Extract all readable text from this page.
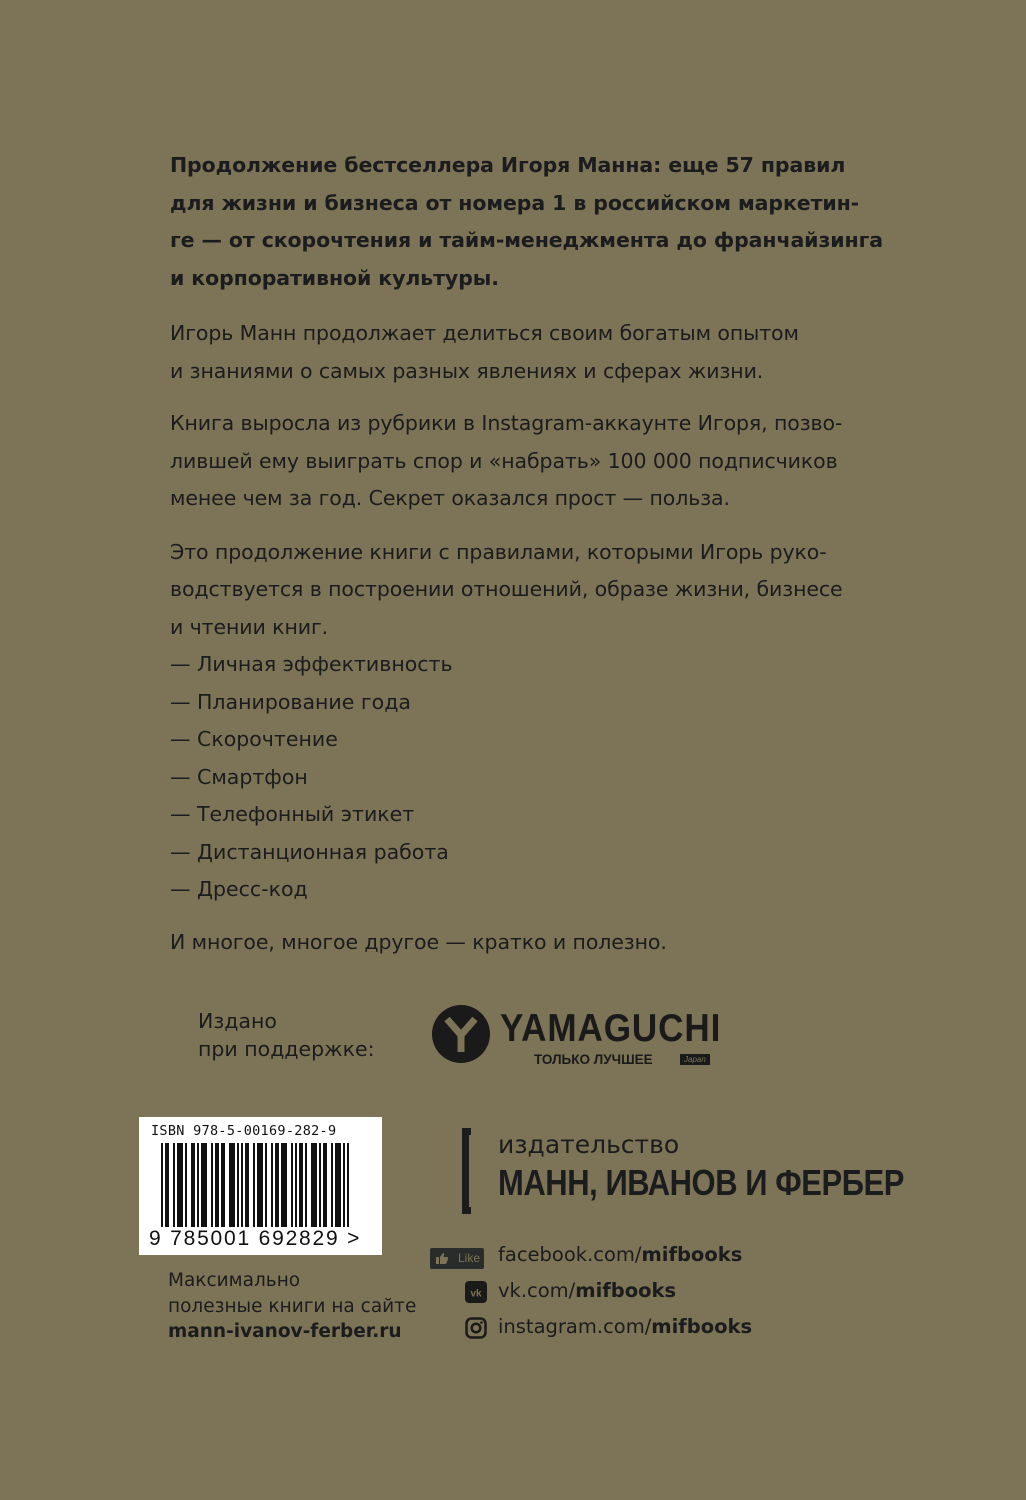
Продолжение бестселлера Игоря Манна: еще 57 правил
для жизни и бизнеса от номера 1 в российском маркетин-
ге — от скорочтения и тайм-менеджмента до франчайзинга
и корпоративной культуры.

Игорь Манн продолжает делиться своим богатым опытом
и знаниями о самых разных явлениях и сферах жизни.

Книга выросла из рубрики в Instagram-аккаунте Игоря, позво-
лившей ему выиграть спор и «набрать» 100 000 подписчиков
менее чем за год. Секрет оказался прост — польза.

Это продолжение книги с правилами, которыми Игорь руко-
водствуется в построении отношений, образе жизни, бизнесе
и чтении книг.

— Личная эффективность
— Планирование года
— Скорочтение
— Смартфон
— Телефонный этикет
— Дистанционная работа
— Дресс-код

И многое, многое другое — кратко и полезно.

Издано
при поддержке:	YAMAGUCHI
ТОЛЬКО ЛУЧШЕЕ	Japan
ISBN 978-5-00169-282-9
9 785001 692829 >
Максимально
полезные книги на сайте
mann-ivanov-ferber.ru
издательство
МАНН, ИВАНОВ И ФЕРБЕР
Like facebook.com/mifbooks
vk vk.com/mifbooks
instagram.com/mifbooks
